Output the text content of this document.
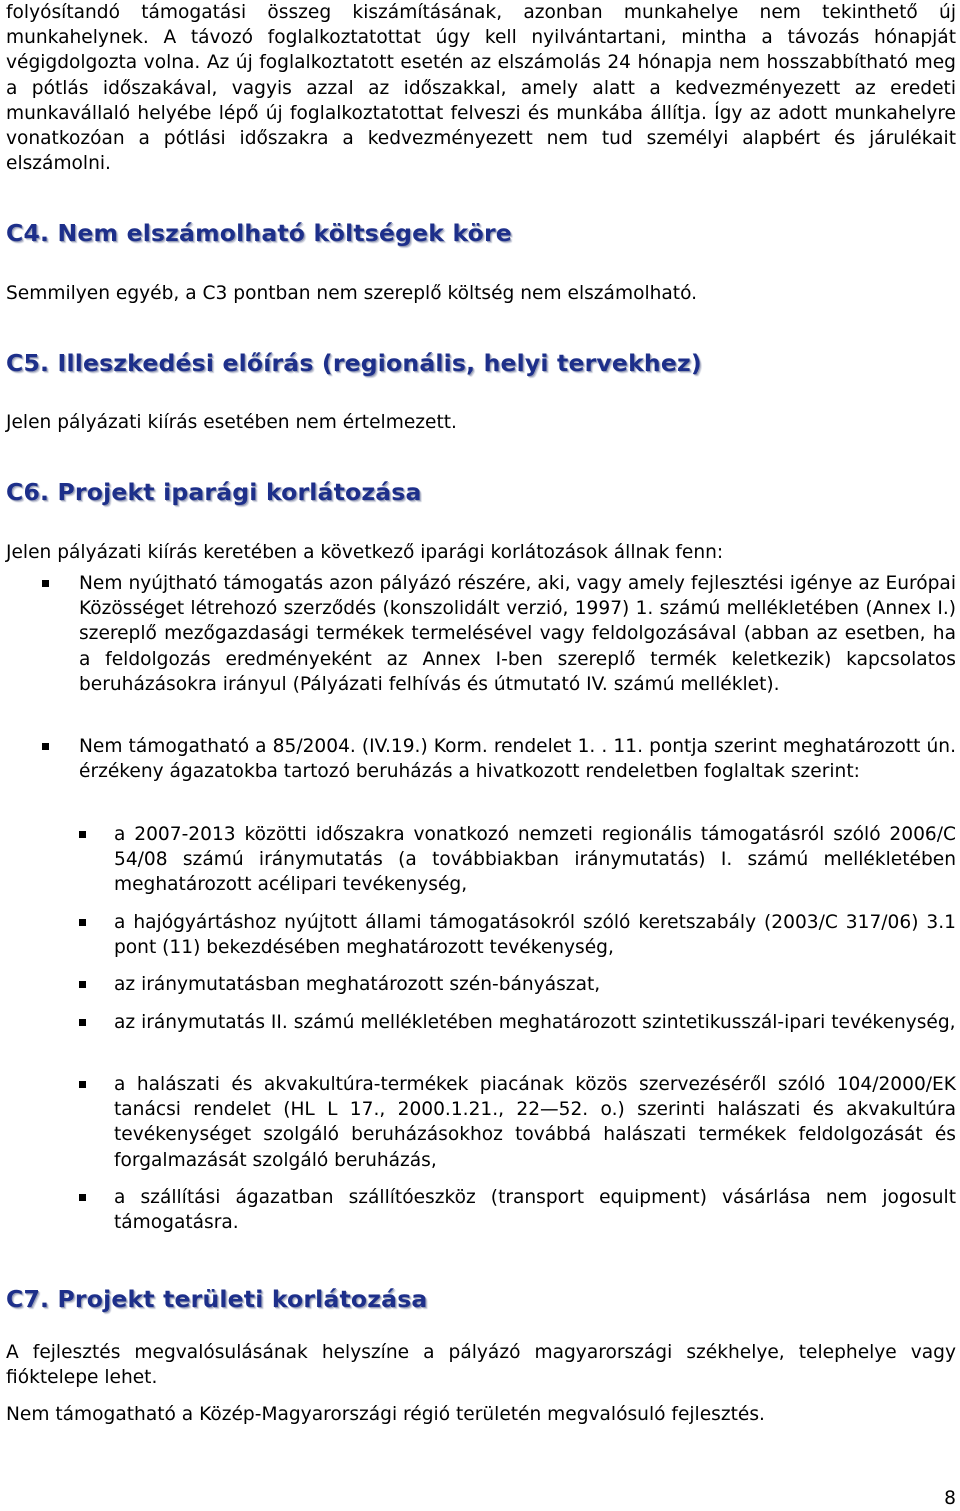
folyósítandó támogatási összeg kiszámításának, azonban munkahelye nem tekinthető új munkahelynek. A távozó foglalkoztatottat úgy kell nyilvántartani, mintha a távozás hónapját végigdolgozta volna. Az új foglalkoztatott esetén az elszámolás 24 hónapja nem hosszabbítható meg a pótlás időszakával, vagyis azzal az időszakkal, amely alatt a kedvezményezett az eredeti munkavállaló helyébe lépő új foglalkoztatottat felveszi és munkába állítja. Így az adott munkahelyre vonatkozóan a pótlási időszakra a kedvezményezett nem tud személyi alapbért és járulékait elszámolni.

C4. Nem elszámolható költségek köre

Semmilyen egyéb, a C3 pontban nem szereplő költség nem elszámolható.

C5. Illeszkedési előírás (regionális, helyi tervekhez)

Jelen pályázati kiírás esetében nem értelmezett.

C6. Projekt iparági korlátozása

Jelen pályázati kiírás keretében a következő iparági korlátozások állnak fenn:

Nem nyújtható támogatás azon pályázó részére, aki, vagy amely fejlesztési igénye az Európai Közösséget létrehozó szerződés (konszolidált verzió, 1997) 1. számú mellékletében (Annex I.) szereplő mezőgazdasági termékek termelésével vagy feldolgozásával (abban az esetben, ha a feldolgozás eredményeként az Annex I-ben szereplő termék keletkezik) kapcsolatos beruházásokra irányul (Pályázati felhívás és útmutató IV. számú melléklet).

Nem támogatható a 85/2004. (IV.19.) Korm. rendelet 1. . 11. pontja szerint meghatározott ún. érzékeny ágazatokba tartozó beruházás a hivatkozott rendeletben foglaltak szerint:

a 2007-2013 közötti időszakra vonatkozó nemzeti regionális támogatásról szóló 2006/C 54/08 számú iránymutatás (a továbbiakban iránymutatás) I. számú mellékletében meghatározott acélipari tevékenység,

a hajógyártáshoz nyújtott állami támogatásokról szóló keretszabály (2003/C 317/06) 3.1 pont (11) bekezdésében meghatározott tevékenység,

az iránymutatásban meghatározott szén-bányászat,

az iránymutatás II. számú mellékletében meghatározott szintetikusszál-ipari tevékenység,

a halászati és akvakultúra-termékek piacának közös szervezéséről szóló 104/2000/EK tanácsi rendelet (HL L 17., 2000.1.21., 22—52. o.) szerinti halászati és akvakultúra tevékenységet szolgáló beruházásokhoz továbbá halászati termékek feldolgozását és forgalmazását szolgáló beruházás,

a szállítási ágazatban szállítóeszköz (transport equipment) vásárlása nem jogosult támogatásra.

C7. Projekt területi korlátozása

A fejlesztés megvalósulásának helyszíne a pályázó magyarországi székhelye, telephelye vagy fióktelepe lehet.

Nem támogatható a Közép-Magyarországi régió területén megvalósuló fejlesztés.

8
